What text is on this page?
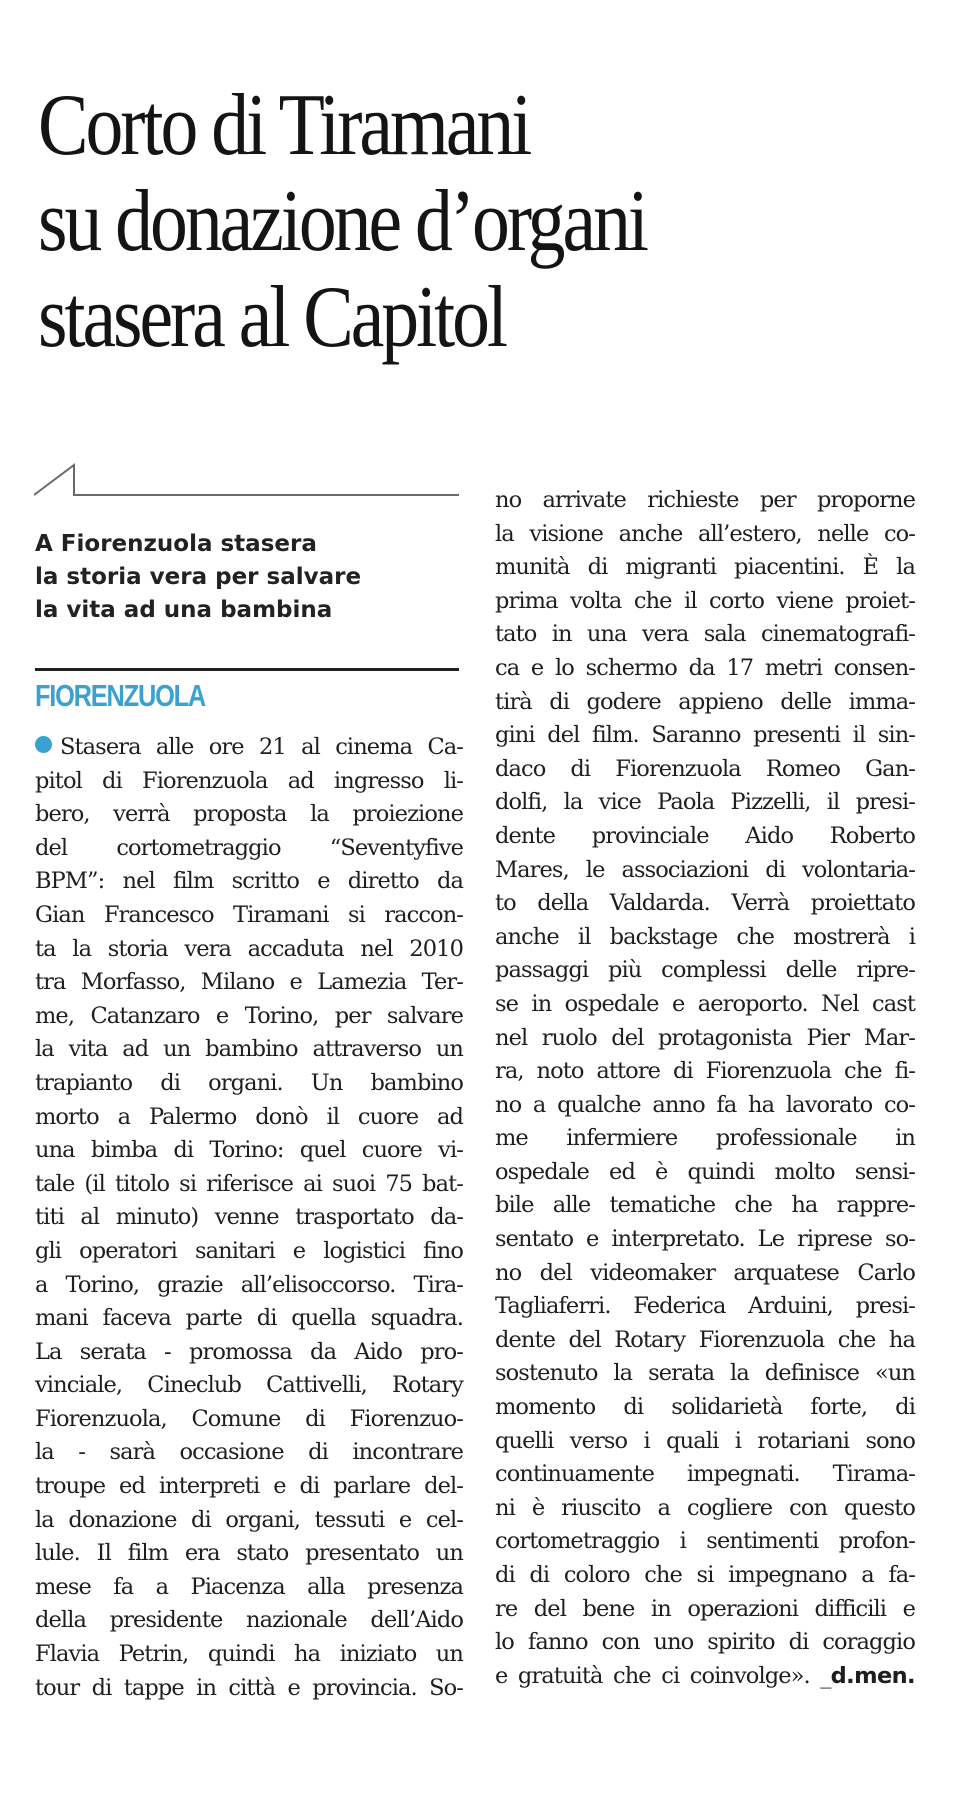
Corto di Tiramani
su donazione d’organi
stasera al Capitol
A Fiorenzuola stasera
la storia vera per salvare
la vita ad una bambina
FIORENZUOLA
Stasera alle ore 21 al cinema Ca-
pitol di Fiorenzuola ad ingresso li-
bero, verrà proposta la proiezione
del cortometraggio “Seventyfive
BPM”: nel film scritto e diretto da
Gian Francesco Tiramani si raccon-
ta la storia vera accaduta nel 2010
tra Morfasso, Milano e Lamezia Ter-
me, Catanzaro e Torino, per salvare
la vita ad un bambino attraverso un
trapianto di organi. Un bambino
morto a Palermo donò il cuore ad
una bimba di Torino: quel cuore vi-
tale (il titolo si riferisce ai suoi 75 bat-
titi al minuto) venne trasportato da-
gli operatori sanitari e logistici fino
a Torino, grazie all’elisoccorso. Tira-
mani faceva parte di quella squadra.
La serata - promossa da Aido pro-
vinciale, Cineclub Cattivelli, Rotary
Fiorenzuola, Comune di Fiorenzuo-
la - sarà occasione di incontrare
troupe ed interpreti e di parlare del-
la donazione di organi, tessuti e cel-
lule. Il film era stato presentato un
mese fa a Piacenza alla presenza
della presidente nazionale dell’Aido
Flavia Petrin, quindi ha iniziato un
tour di tappe in città e provincia. So-
no arrivate richieste per proporne
la visione anche all’estero, nelle co-
munità di migranti piacentini. È la
prima volta che il corto viene proiet-
tato in una vera sala cinematografi-
ca e lo schermo da 17 metri consen-
tirà di godere appieno delle imma-
gini del film. Saranno presenti il sin-
daco di Fiorenzuola Romeo Gan-
dolfi, la vice Paola Pizzelli, il presi-
dente provinciale Aido Roberto
Mares, le associazioni di volontaria-
to della Valdarda. Verrà proiettato
anche il backstage che mostrerà i
passaggi più complessi delle ripre-
se in ospedale e aeroporto. Nel cast
nel ruolo del protagonista Pier Mar-
ra, noto attore di Fiorenzuola che fi-
no a qualche anno fa ha lavorato co-
me infermiere professionale in
ospedale ed è quindi molto sensi-
bile alle tematiche che ha rappre-
sentato e interpretato. Le riprese so-
no del videomaker arquatese Carlo
Tagliaferri. Federica Arduini, presi-
dente del Rotary Fiorenzuola che ha
sostenuto la serata la definisce «un
momento di solidarietà forte, di
quelli verso i quali i rotariani sono
continuamente impegnati. Tirama-
ni è riuscito a cogliere con questo
cortometraggio i sentimenti profon-
di di coloro che si impegnano a fa-
re del bene in operazioni difficili e
lo fanno con uno spirito di coraggio
e gratuità che ci coinvolge». _d.men.
